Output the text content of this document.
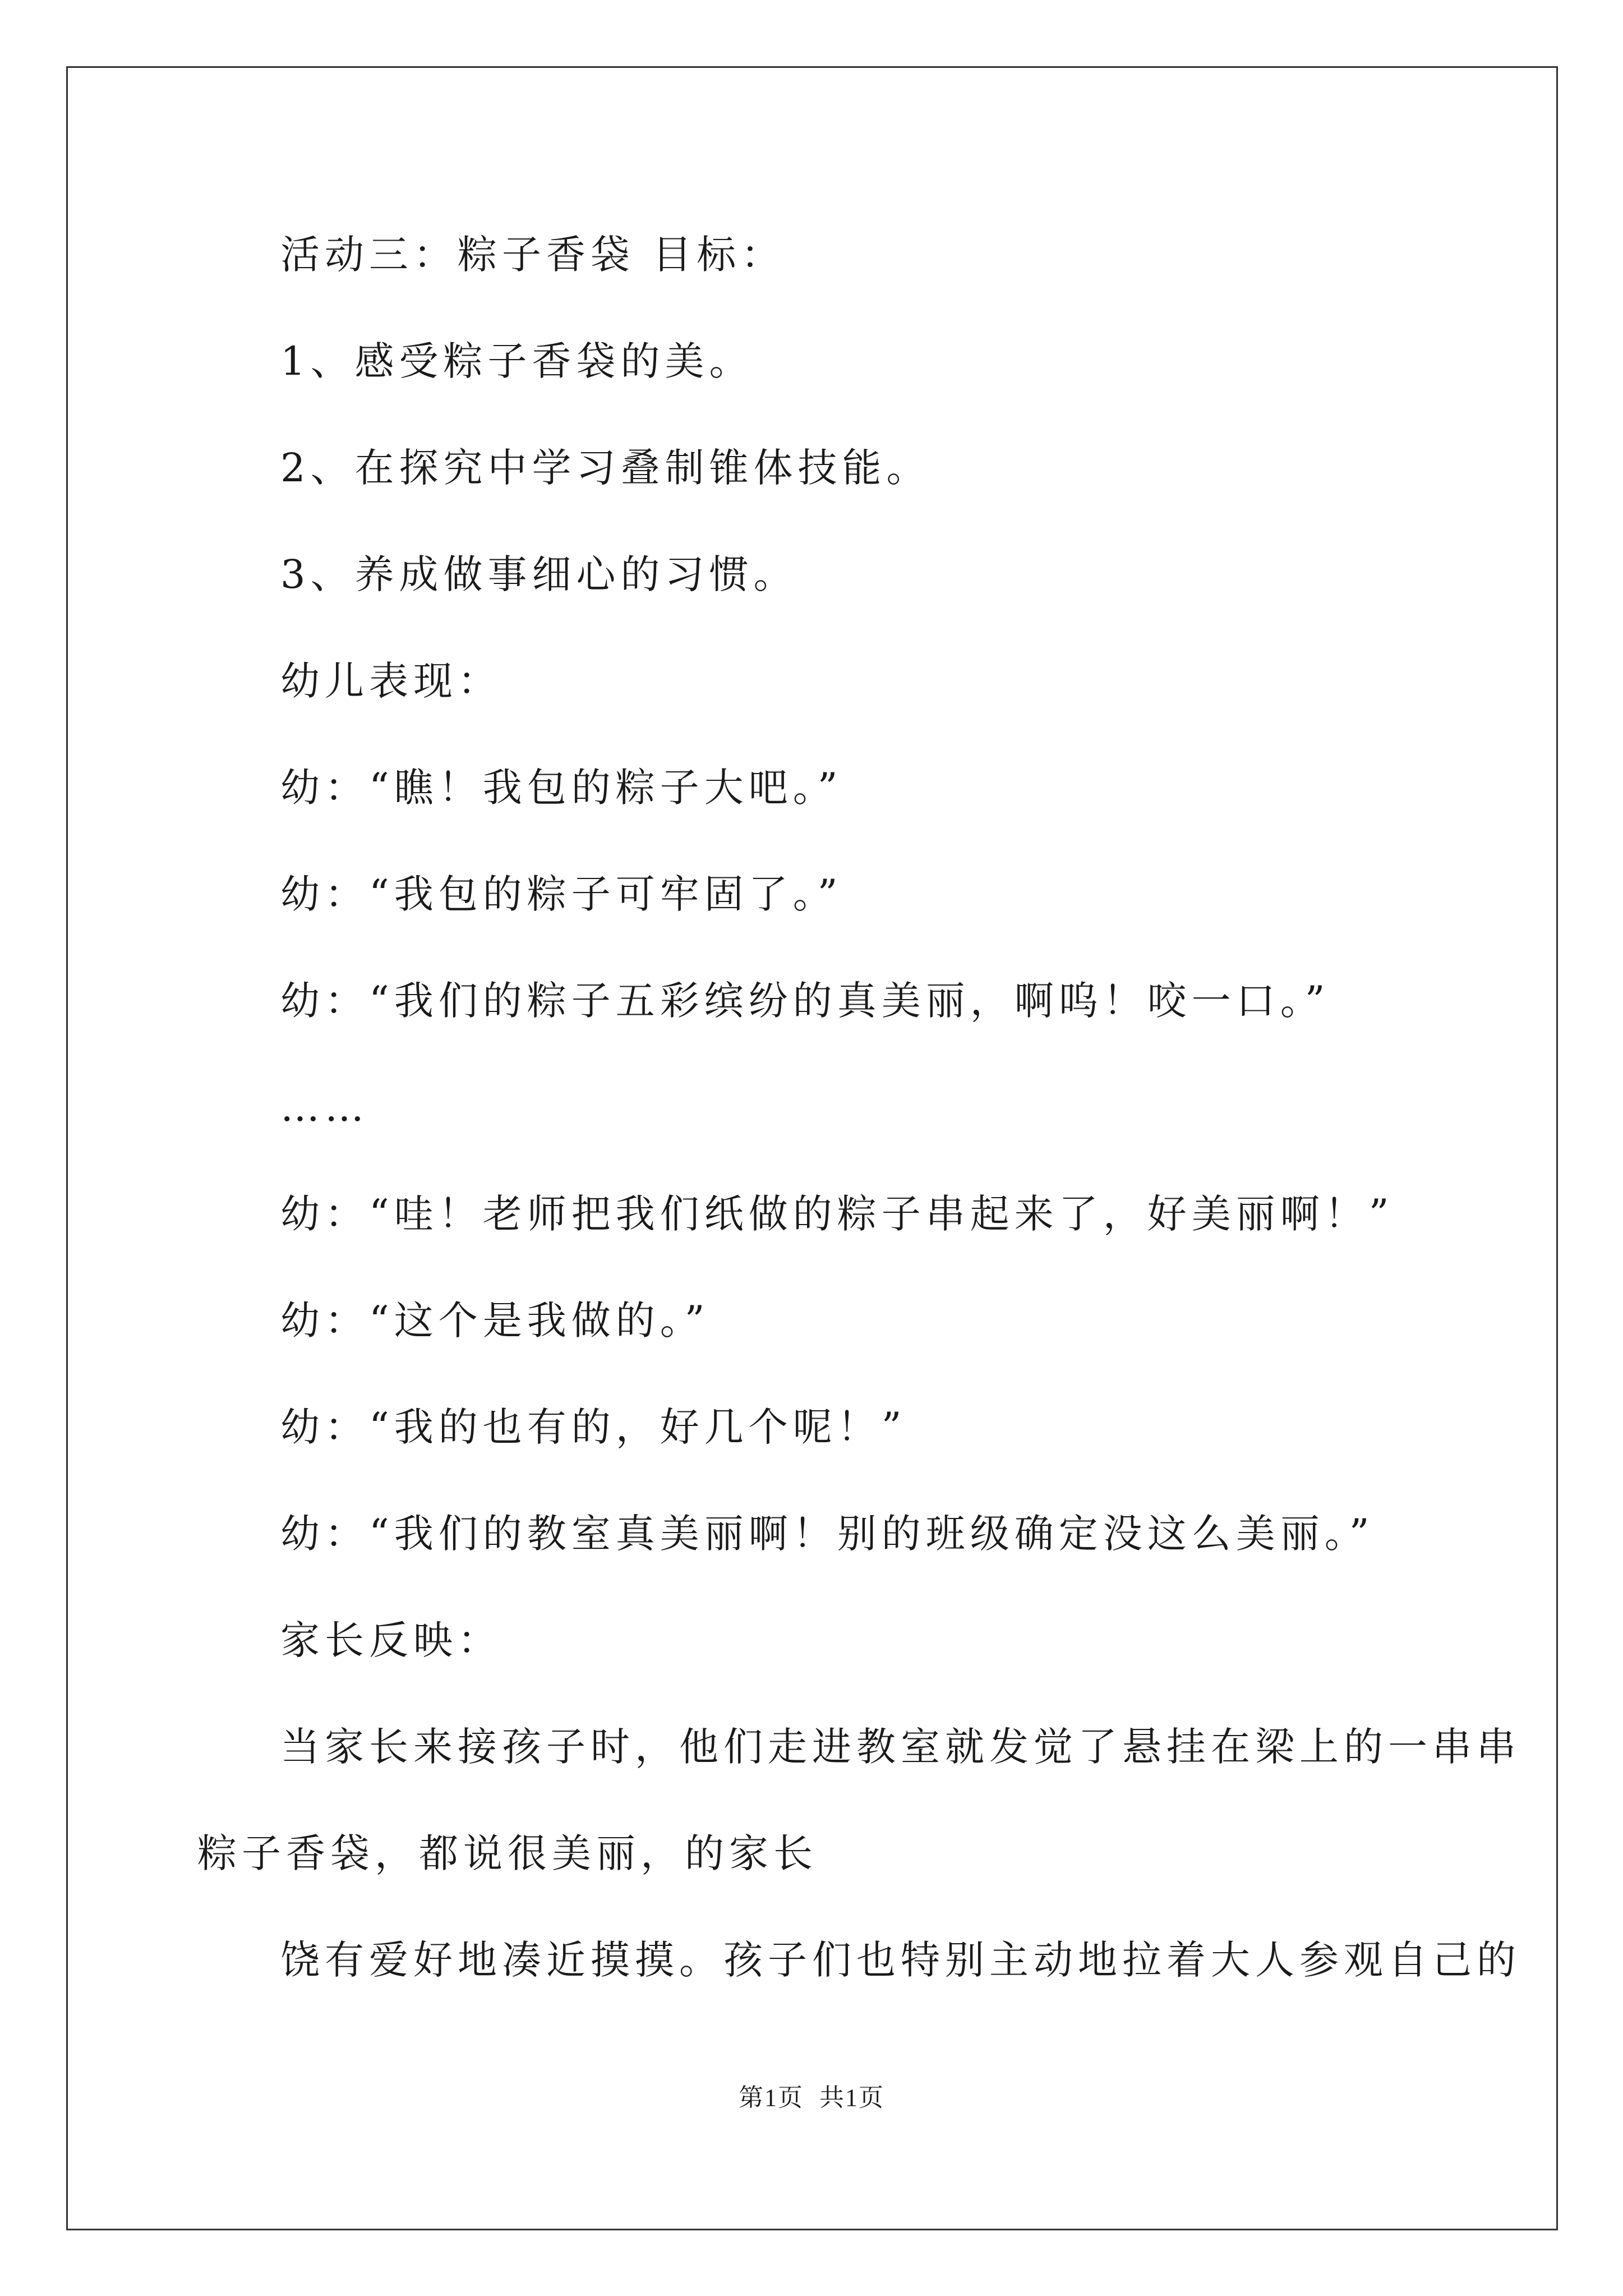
活动三：粽子香袋 目标：

1、感受粽子香袋的美。

2、在探究中学习叠制锥体技能。

3、养成做事细心的习惯。

幼儿表现：

幼：“瞧！我包的粽子大吧。”

幼：“我包的粽子可牢固了。”

幼：“我们的粽子五彩缤纷的真美丽，啊呜！咬一口。”

……

幼：“哇！老师把我们纸做的粽子串起来了，好美丽啊！”

幼：“这个是我做的。”

幼：“我的也有的，好几个呢！”

幼：“我们的教室真美丽啊！别的班级确定没这么美丽。”

家长反映：

当家长来接孩子时，他们走进教室就发觉了悬挂在梁上的一串串

粽子香袋，都说很美丽，的家长

饶有爱好地凑近摸摸。孩子们也特别主动地拉着大人参观自己的

第1页 共1页
